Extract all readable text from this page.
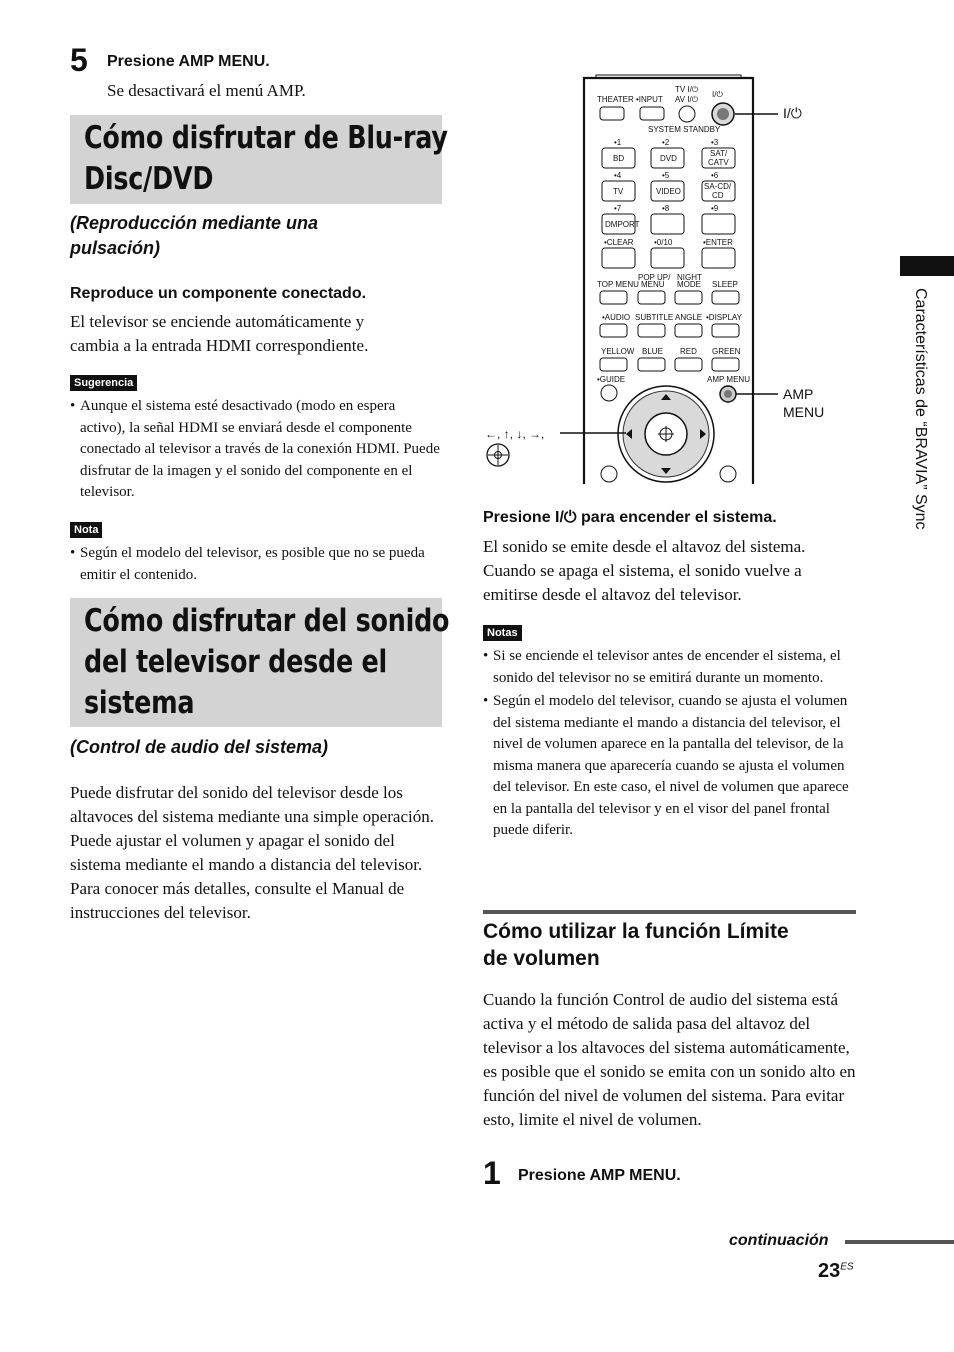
5 Presione AMP MENU.
Se desactivará el menú AMP.
Cómo disfrutar de Blu-ray
Disc/DVD
(Reproducción mediante una
pulsación)
Reproduce un componente conectado.
El televisor se enciende automáticamente y
cambia a la entrada HDMI correspondiente.
Sugerencia
• Aunque el sistema esté desactivado (modo en espera activo), la señal HDMI se enviará desde el componente conectado al televisor a través de la conexión HDMI. Puede disfrutar de la imagen y el sonido del componente en el televisor.
Nota
• Según el modelo del televisor, es posible que no se pueda emitir el contenido.
Cómo disfrutar del sonido
del televisor desde el
sistema
(Control de audio del sistema)
Puede disfrutar del sonido del televisor desde los altavoces del sistema mediante una simple operación. Puede ajustar el volumen y apagar el sonido del sistema mediante el mando a distancia del televisor. Para conocer más detalles, consulte el Manual de instrucciones del televisor.
THEATER •INPUT
TV I/⏻
AV I/⏻
I/⏻
SYSTEM STANDBY
•1	•2	•3
BD	DVD
SAT/
CATV
•4	•5	•6
TV	VIDEO
SA-CD/
CD
•7	•8	•9
DMPORT
•CLEAR	•0/10	•ENTER
TOP MENU
POP UP/
MENU
NIGHT
MODE SLEEP
•AUDIO SUBTITLE ANGLE •DISPLAY
YELLOW BLUE RED GREEN
•GUIDE	AMP MENU
I/⏻
AMP
MENU
←, ↑, ↓, →,
Presione I/⏻ para encender el sistema.
El sonido se emite desde el altavoz del sistema. Cuando se apaga el sistema, el sonido vuelve a emitirse desde el altavoz del televisor.
Notas
• Si se enciende el televisor antes de encender el sistema, el sonido del televisor no se emitirá durante un momento.
• Según el modelo del televisor, cuando se ajusta el volumen del sistema mediante el mando a distancia del televisor, el nivel de volumen aparece en la pantalla del televisor, de la misma manera que aparecería cuando se ajusta el volumen del televisor. En este caso, el nivel de volumen que aparece en la pantalla del televisor y en el visor del panel frontal puede diferir.
Cómo utilizar la función Límite
de volumen
Cuando la función Control de audio del sistema está activa y el método de salida pasa del altavoz del televisor a los altavoces del sistema automáticamente, es posible que el sonido se emita con un sonido alto en función del nivel de volumen del sistema. Para evitar esto, limite el nivel de volumen.
1 Presione AMP MENU.
Características de “BRAVIA” Sync
continuación
$23^{ES}$
